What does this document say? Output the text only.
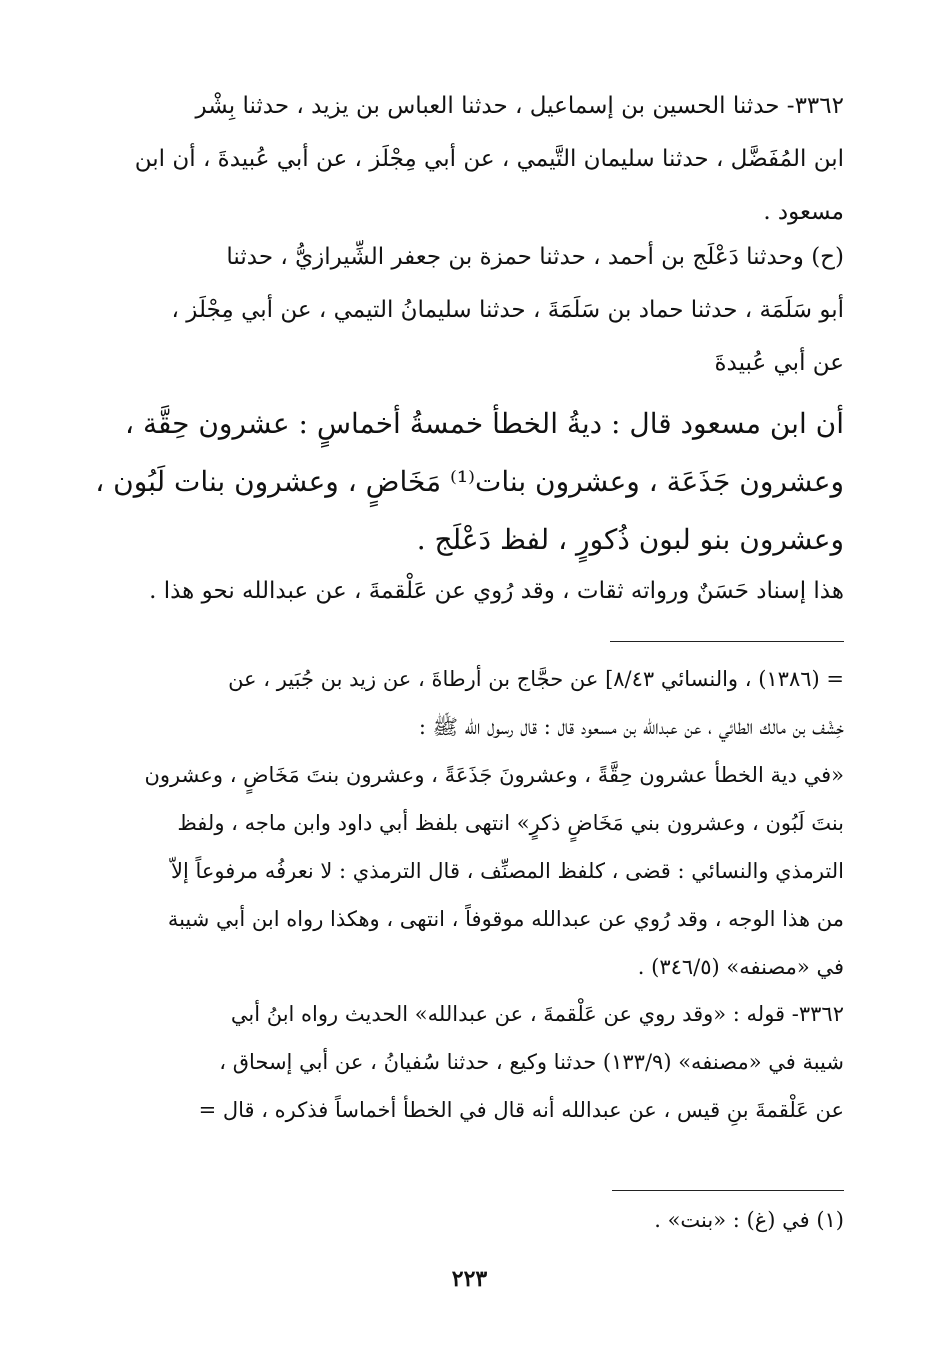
٣٣٦٢- حدثنا الحسين بن إسماعيل ، حدثنا العباس بن يزيد ، حدثنا بِشْر
ابن المُفَضَّل ، حدثنا سليمان التَّيمي ، عن أبي مِجْلَز ، عن أبي عُبيدةَ ، أن ابن
مسعود .
(ح) وحدثنا دَعْلَج بن أحمد ، حدثنا حمزة بن جعفر الشِّيرازيُّ ، حدثنا
أبو سَلَمَة ، حدثنا حماد بن سَلَمَةَ ، حدثنا سليمانُ التيمي ، عن أبي مِجْلَز ،
عن أبي عُبيدةَ
أن ابن مسعود قال : ديةُ الخطأ خمسةُ أخماسٍ : عشرون حِقَّة ،
وعشرون جَذَعَة ، وعشرون بنات⁽¹⁾ مَخَاضٍ ، وعشرون بنات لَبُون ،
وعشرون بنو لبون ذُكورٍ ، لفظ دَعْلَج .
هذا إسناد حَسَنٌ ورواته ثقات ، وقد رُوي عن عَلْقمةَ ، عن عبدالله نحو هذا .
= (١٣٨٦) ، والنسائي ٨/٤٣] عن حجَّاج بن أرطاةَ ، عن زيد بن جُبَير ، عن
خِشْف بن مالك الطائي ، عن عبدالله بن مسعود قال : قال رسول الله ﷺ :
«في دية الخطأ عشرون حِقَّةً ، وعشرونَ جَذَعَةً ، وعشرون بنتَ مَخَاضٍ ، وعشرون
بنتَ لَبُون ، وعشرون بني مَخَاضٍ ذكرٍ» انتهى بلفظ أبي داود وابن ماجه ، ولفظ
الترمذي والنسائي : قضى ، كلفظ المصنِّف ، قال الترمذي : لا نعرفُه مرفوعاً إلاّ
من هذا الوجه ، وقد رُوي عن عبدالله موقوفاً ، انتهى ، وهكذا رواه ابن أبي شيبة
في «مصنفه» (٣٤٦/٥) .
٣٣٦٢- قوله : «وقد روي عن عَلْقمةَ ، عن عبدالله» الحديث رواه ابنُ أبي
شيبة في «مصنفه» (١٣٣/٩) حدثنا وكيع ، حدثنا سُفيانُ ، عن أبي إسحاق ،
عن عَلْقمةَ بنِ قيس ، عن عبدالله أنه قال في الخطأ أخماساً فذكره ، قال =
(١) في (غ) : «بنت» .
٢٢٣
